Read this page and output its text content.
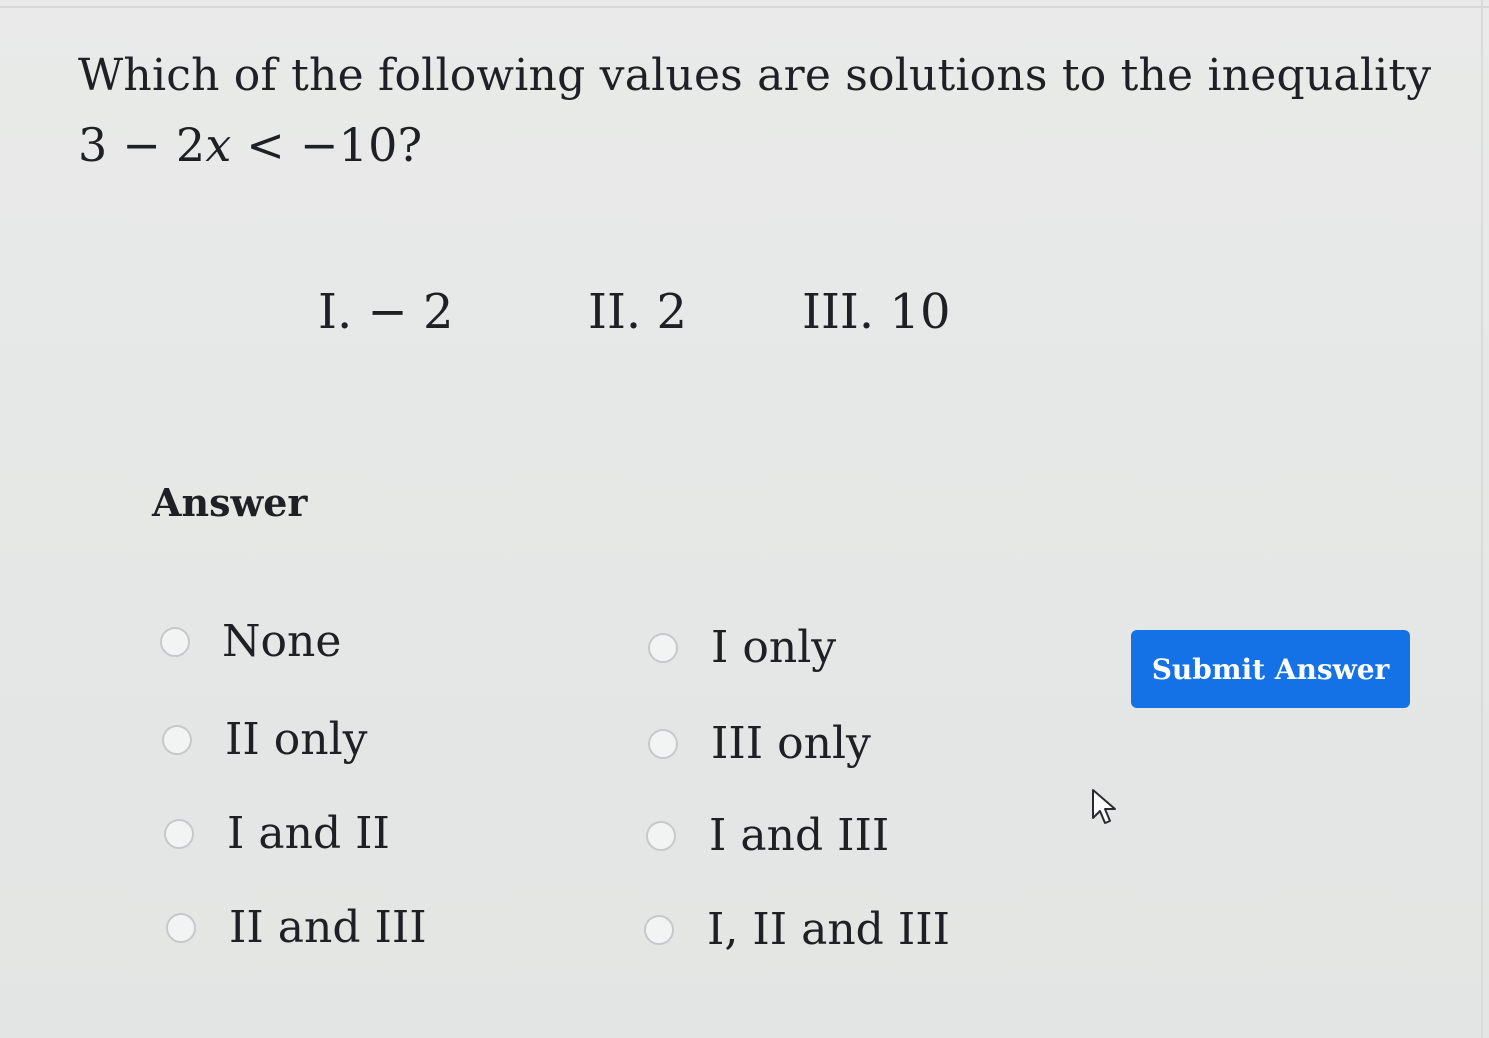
Which of the following values are solutions to the inequality
3 − 2x < −10?
I. − 2	II. 2 III. 10
Answer
None	I only
II only	III only
I and II	I and III
II and III	I, II and III
Submit Answer
